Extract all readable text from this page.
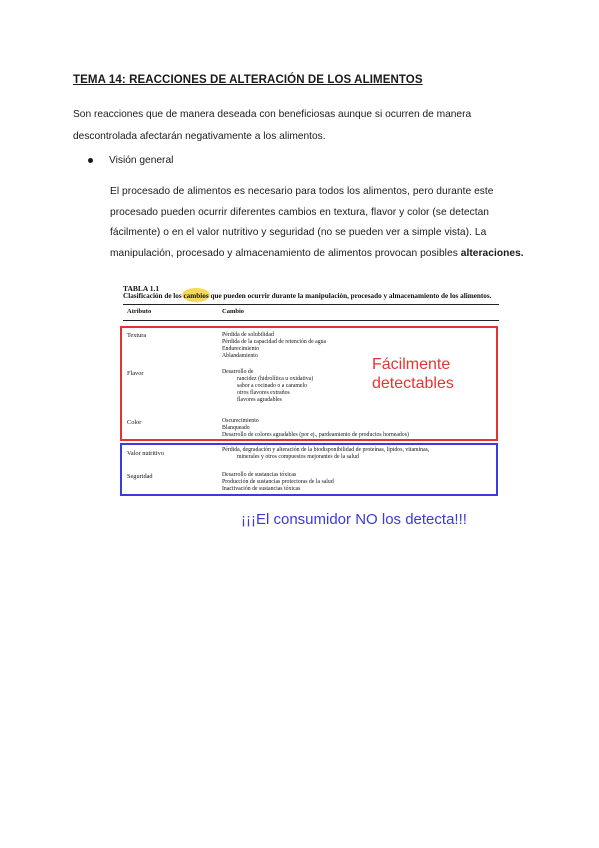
TEMA 14: REACCIONES DE ALTERACIÓN DE LOS ALIMENTOS
Son reacciones que de manera deseada con beneficiosas aunque si ocurren de manera descontrolada afectarán negativamente a los alimentos.
Visión general
El procesado de alimentos es necesario para todos los alimentos, pero durante este procesado pueden ocurrir diferentes cambios en textura, flavor y color (se detectan fácilmente) o en el valor nutritivo y seguridad (no se pueden ver a simple vista). La manipulación, procesado y almacenamiento de alimentos provocan posibles alteraciones.
TABLA 1.1
Clasificación de los cambios que pueden ocurrir durante la manipulación, procesado y almacenamiento de los alimentos.
Atributo	Cambio
Textura	Pérdida de solubilidad
Pérdida de la capacidad de retención de agua
Endurecimiento
Ablandamiento
Flavor	Desarrollo de
rancidez (hidrolítica u oxidativa)
sabor a cocinado o a caramelo
otros flavores extraños
flavores agradables
Color	Oscurecimiento
Blanqueado
Desarrollo de colores agradables (por ej., pardeamiento de productos horneados)
Valor nutritivo	Pérdida, degradación y alteración de la biodisponibilidad de proteínas, lípidos, vitaminas,
minerales y otros compuestos mejorantes de la salud
Seguridad	Desarrollo de sustancias tóxicas
Producción de sustancias protectoras de la salud
Inactivación de sustancias tóxicas
Fácilmente
detectables
¡¡¡El consumidor NO los detecta!!!
